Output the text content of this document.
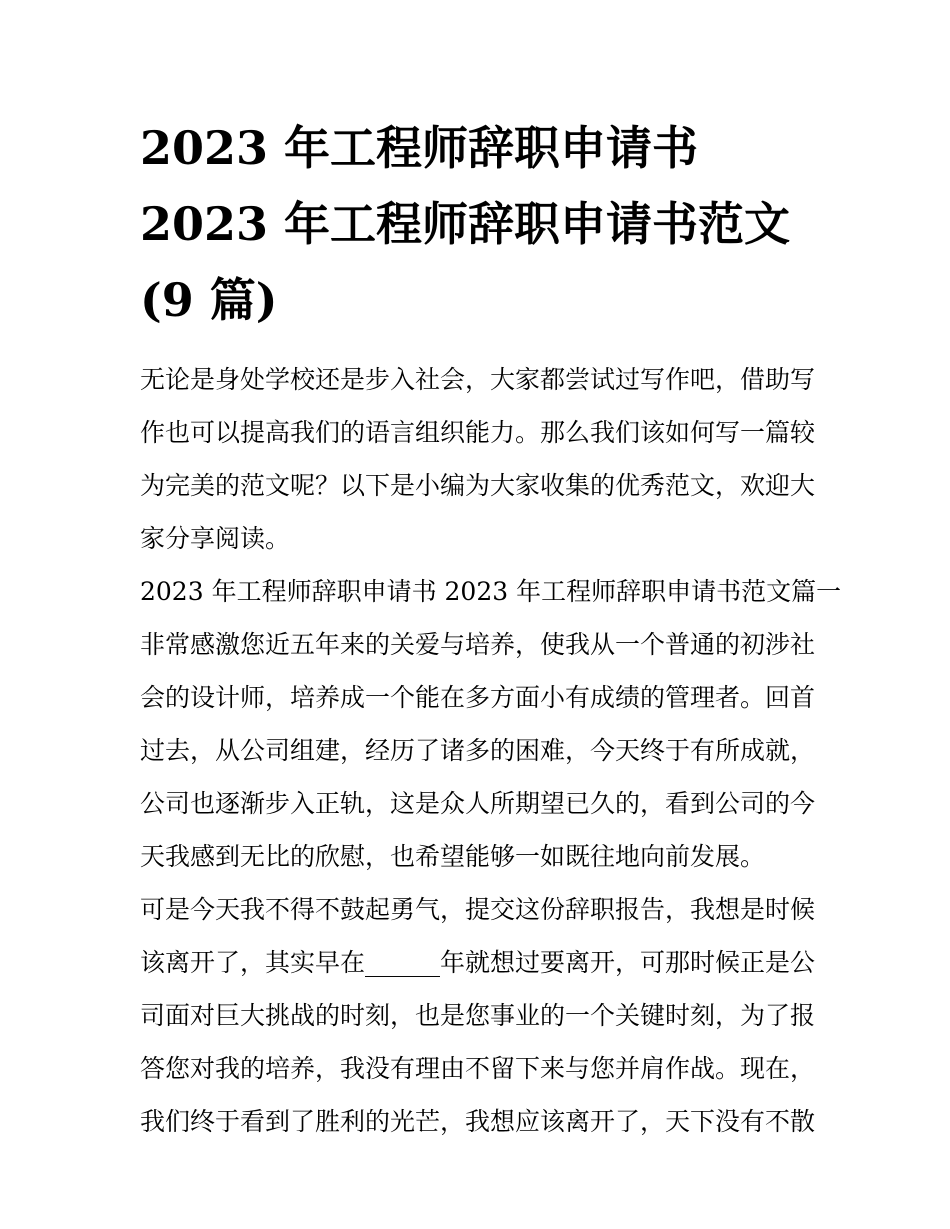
2023 年工程师辞职申请书
2023 年工程师辞职申请书范文
(9 篇)
无论是身处学校还是步入社会，大家都尝试过写作吧，借助写
作也可以提高我们的语言组织能力。那么我们该如何写一篇较
为完美的范文呢？以下是小编为大家收集的优秀范文，欢迎大
家分享阅读。
2023 年工程师辞职申请书 2023 年工程师辞职申请书范文篇一
非常感激您近五年来的关爱与培养，使我从一个普通的初涉社
会的设计师，培养成一个能在多方面小有成绩的管理者。回首
过去，从公司组建，经历了诸多的困难，今天终于有所成就，
公司也逐渐步入正轨，这是众人所期望已久的，看到公司的今
天我感到无比的欣慰，也希望能够一如既往地向前发展。
可是今天我不得不鼓起勇气，提交这份辞职报告，我想是时候
该离开了，其实早在______年就想过要离开，可那时候正是公
司面对巨大挑战的时刻，也是您事业的一个关键时刻，为了报
答您对我的培养，我没有理由不留下来与您并肩作战。现在，
我们终于看到了胜利的光芒，我想应该离开了，天下没有不散
